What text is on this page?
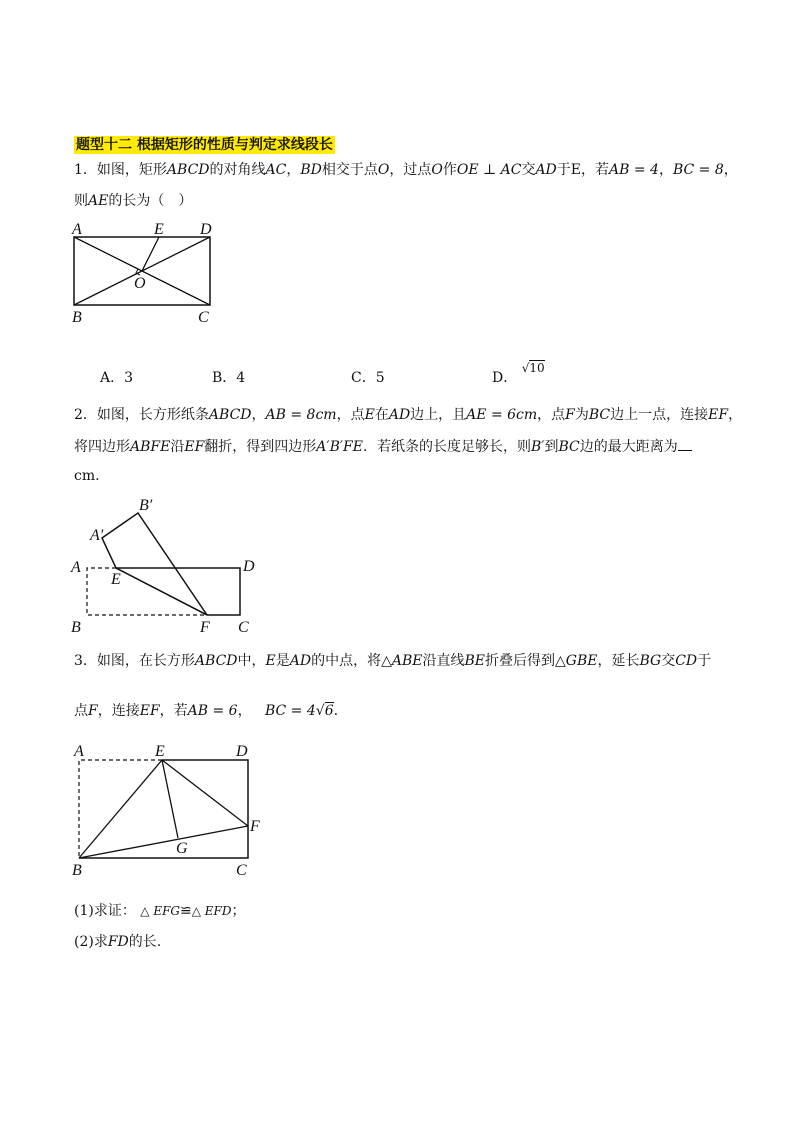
题型十二 根据矩形的性质与判定求线段长
1．如图，矩形ABCD的对角线AC，BD相交于点O，过点O作OE ⊥ AC交AD于E，若AB = 4，BC = 8，
则AE的长为（　）
A	E D
O
B	C
A．3	B．4	C．5	D． √10
2．如图，长方形纸条ABCD，AB = 8cm，点E在AD边上，且AE = 6cm，点F为BC边上一点，连接EF，
将四边形ABFE沿EF翻折，得到四边形A′B′FE．若纸条的长度足够长，则B′到BC边的最大距离为
cm.
B′
A′
A
E
D
B	F C
3．如图，在长方形ABCD中，E是AD的中点，将△ABE沿直线BE折叠后得到△GBE，延长BG交CD于
点F，连接EF，若AB = 6， BC = 4√6.
A	E	D
F
G
B	C
(1)求证： △ EFG≌△ EFD；
(2)求FD的长.
